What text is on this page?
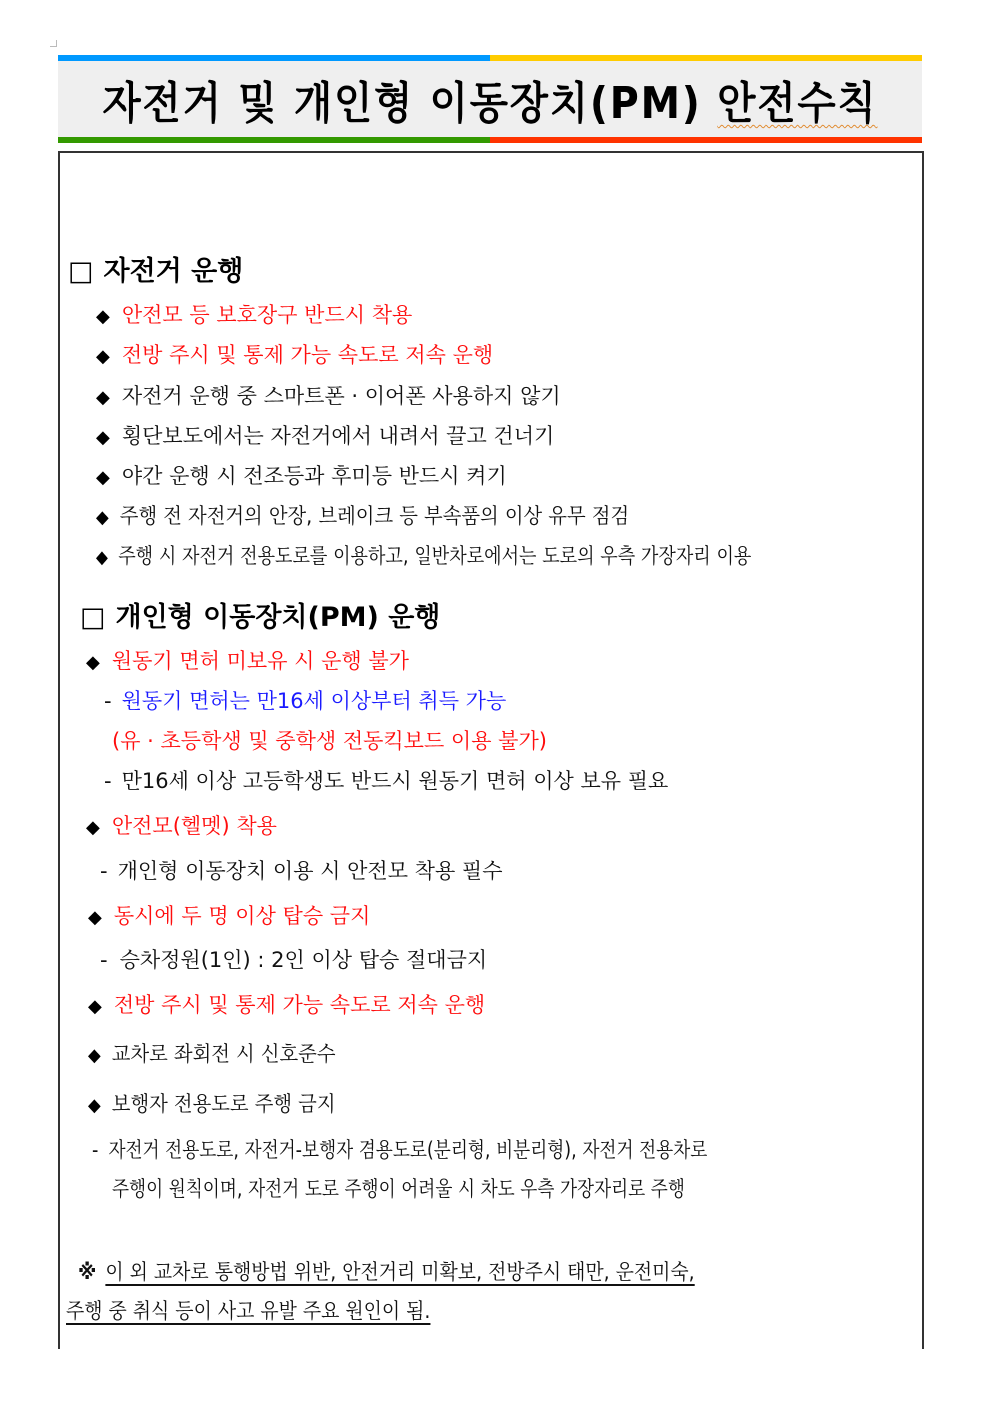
자전거 및 개인형 이동장치(PM) 안전수칙
□ 자전거 운행
◆ 안전모 등 보호장구 반드시 착용
◆ 전방 주시 및 통제 가능 속도로 저속 운행
◆ 자전거 운행 중 스마트폰 · 이어폰 사용하지 않기
◆ 횡단보도에서는 자전거에서 내려서 끌고 건너기
◆ 야간 운행 시 전조등과 후미등 반드시 켜기
◆ 주행 전 자전거의 안장, 브레이크 등 부속품의 이상 유무 점검
◆ 주행 시 자전거 전용도로를 이용하고, 일반차로에서는 도로의 우측 가장자리 이용
□ 개인형 이동장치(PM) 운행
◆ 원동기 면허 미보유 시 운행 불가
- 원동기 면허는 만16세 이상부터 취득 가능
(유 · 초등학생 및 중학생 전동킥보드 이용 불가)
- 만16세 이상 고등학생도 반드시 원동기 면허 이상 보유 필요
◆ 안전모(헬멧) 착용
- 개인형 이동장치 이용 시 안전모 착용 필수
◆ 동시에 두 명 이상 탑승 금지
- 승차정원(1인) : 2인 이상 탑승 절대금지
◆ 전방 주시 및 통제 가능 속도로 저속 운행
◆ 교차로 좌회전 시 신호준수
◆ 보행자 전용도로 주행 금지
- 자전거 전용도로, 자전거-보행자 겸용도로(분리형, 비분리형), 자전거 전용차로
주행이 원칙이며, 자전거 도로 주행이 어려울 시 차도 우측 가장자리로 주행
※ 이 외 교차로 통행방법 위반, 안전거리 미확보, 전방주시 태만, 운전미숙,
주행 중 취식 등이 사고 유발 주요 원인이 됨.
